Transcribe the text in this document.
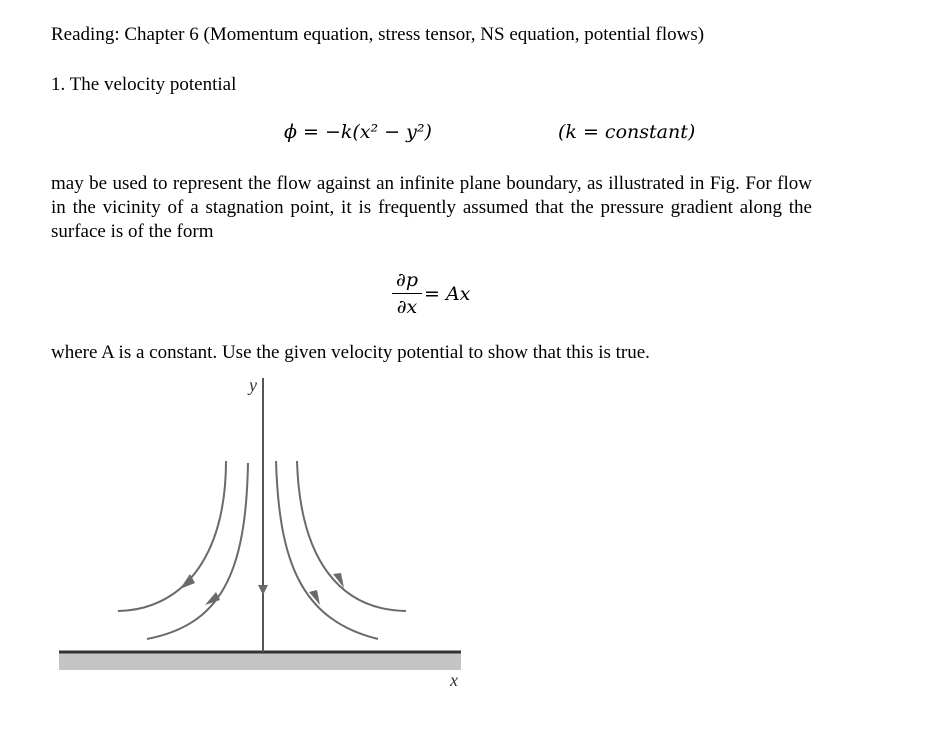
Reading: Chapter 6 (Momentum equation, stress tensor, NS equation, potential flows)
1. The velocity potential
ϕ = −k(x² − y²)	(k = constant)
may be used to represent the flow against an infinite plane boundary, as illustrated in Fig. For flow in the vicinity of a stagnation point, it is frequently assumed that the pressure gradient along the surface is of the form
∂p
∂x
= Ax
where A is a constant. Use the given velocity potential to show that this is true.
y
x
